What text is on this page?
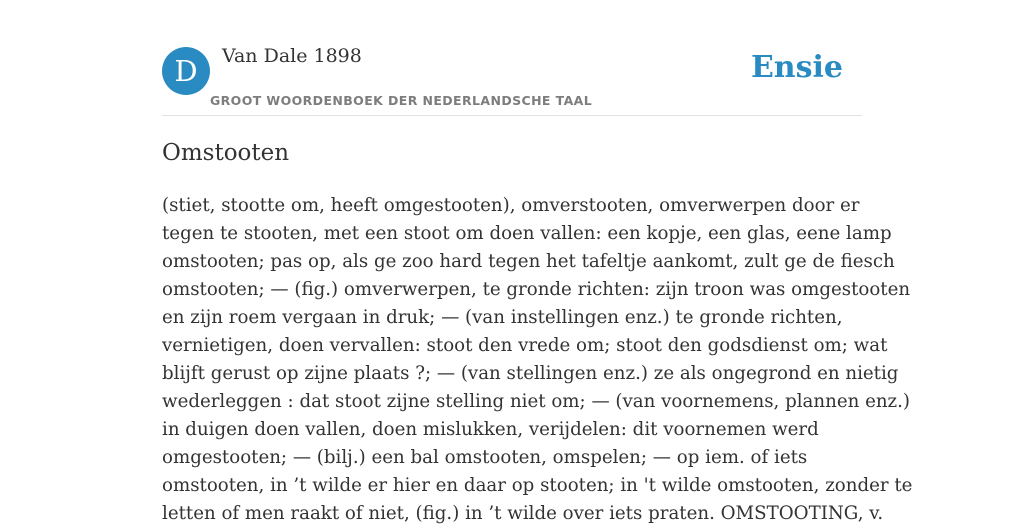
D	Van Dale 1898
GROOT WOORDENBOEK DER NEDERLANDSCHE TAAL
Ensie
Omstooten
(stiet, stootte om, heeft omgestooten), omverstooten, omverwerpen door er
tegen te stooten, met een stoot om doen vallen: een kopje, een glas, eene lamp
omstooten; pas op, als ge zoo hard tegen het tafeltje aankomt, zult ge de fiesch
omstooten; — (fig.) omverwerpen, te gronde richten: zijn troon was omgestooten
en zijn roem vergaan in druk; — (van instellingen enz.) te gronde richten,
vernietigen, doen vervallen: stoot den vrede om; stoot den godsdienst om; wat
blijft gerust op zijne plaats ?; — (van stellingen enz.) ze als ongegrond en nietig
wederleggen : dat stoot zijne stelling niet om; — (van voornemens, plannen enz.)
in duigen doen vallen, doen mislukken, verijdelen: dit voornemen werd
omgestooten; — (bilj.) een bal omstooten, omspelen; — op iem. of iets
omstooten, in ’t wilde er hier en daar op stooten; in 't wilde omstooten, zonder te
letten of men raakt of niet, (fig.) in ’t wilde over iets praten. OMSTOOTING, v.
